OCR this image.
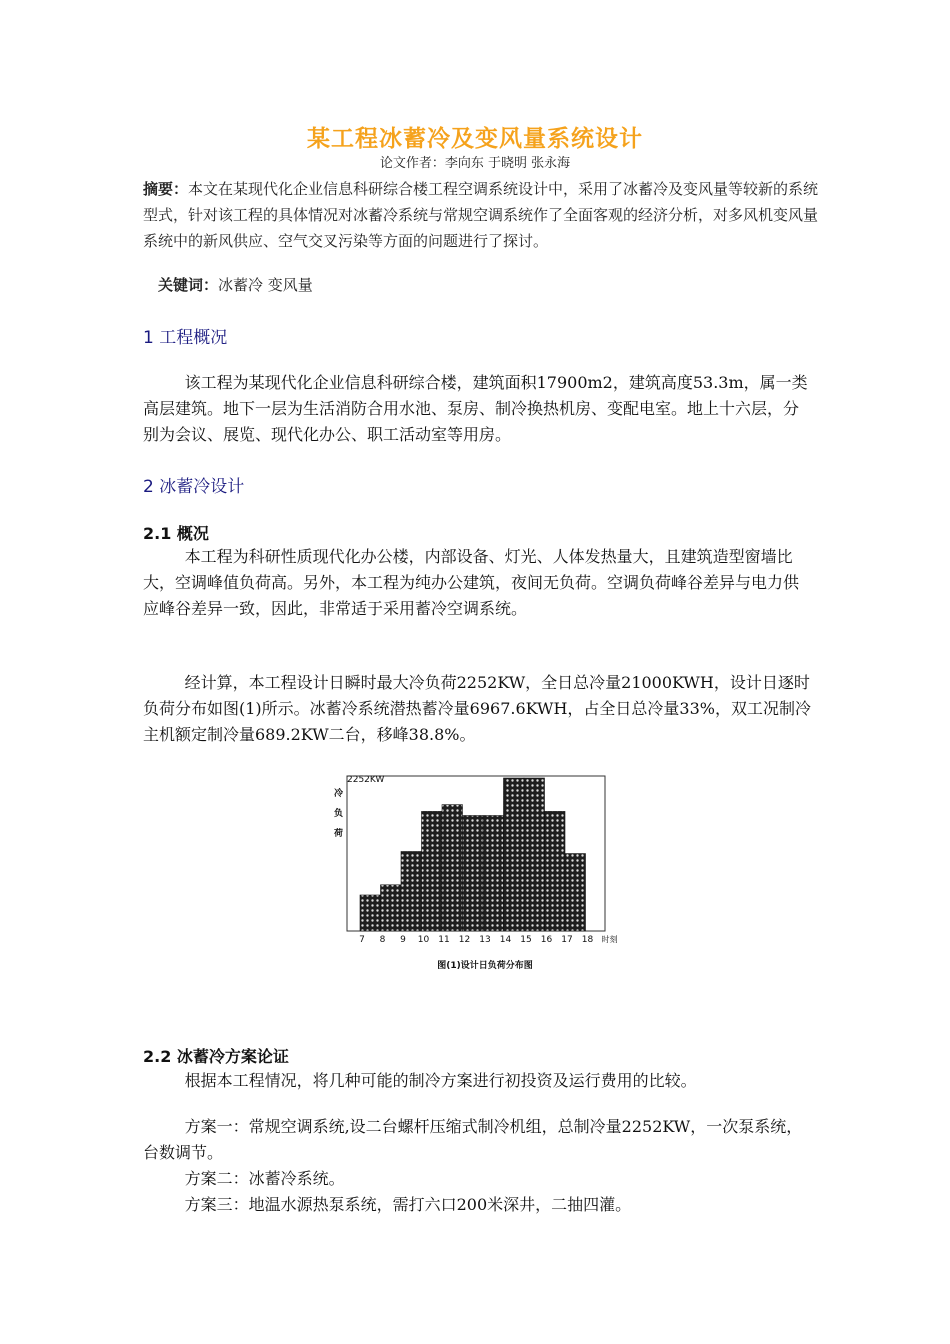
某工程冰蓄冷及变风量系统设计
论文作者：李向东 于晓明 张永海
摘要：本文在某现代化企业信息科研综合楼工程空调系统设计中，采用了冰蓄冷及变风量等较新的系统型式，针对该工程的具体情况对冰蓄冷系统与常规空调系统作了全面客观的经济分析，对多风机变风量系统中的新风供应、空气交叉污染等方面的问题进行了探讨。
关键词：冰蓄冷 变风量
1 工程概况
该工程为某现代化企业信息科研综合楼，建筑面积17900m2，建筑高度53.3m，属一类高层建筑。地下一层为生活消防合用水池、泵房、制冷换热机房、变配电室。地上十六层，分别为会议、展览、现代化办公、职工活动室等用房。
2 冰蓄冷设计
2.1 概况
本工程为科研性质现代化办公楼，内部设备、灯光、人体发热量大，且建筑造型窗墙比大，空调峰值负荷高。另外，本工程为纯办公建筑，夜间无负荷。空调负荷峰谷差异与电力供应峰谷差异一致，因此，非常适于采用蓄冷空调系统。
经计算，本工程设计日瞬时最大冷负荷2252KW，全日总冷量21000KWH，设计日逐时负荷分布如图(1)所示。冰蓄冷系统潜热蓄冷量6967.6KWH，占全日总冷量33%，双工况制冷主机额定制冷量689.2KW二台，移峰38.8%。
2252KW
冷负荷
7 8 9 10 11 12 13 14 15 16 17 18 时刻
图(1)设计日负荷分布图
2.2 冰蓄冷方案论证
根据本工程情况，将几种可能的制冷方案进行初投资及运行费用的比较。
方案一：常规空调系统,设二台螺杆压缩式制冷机组，总制冷量2252KW，一次泵系统，台数调节。
方案二：冰蓄冷系统。
方案三：地温水源热泵系统，需打六口200米深井，二抽四灌。
